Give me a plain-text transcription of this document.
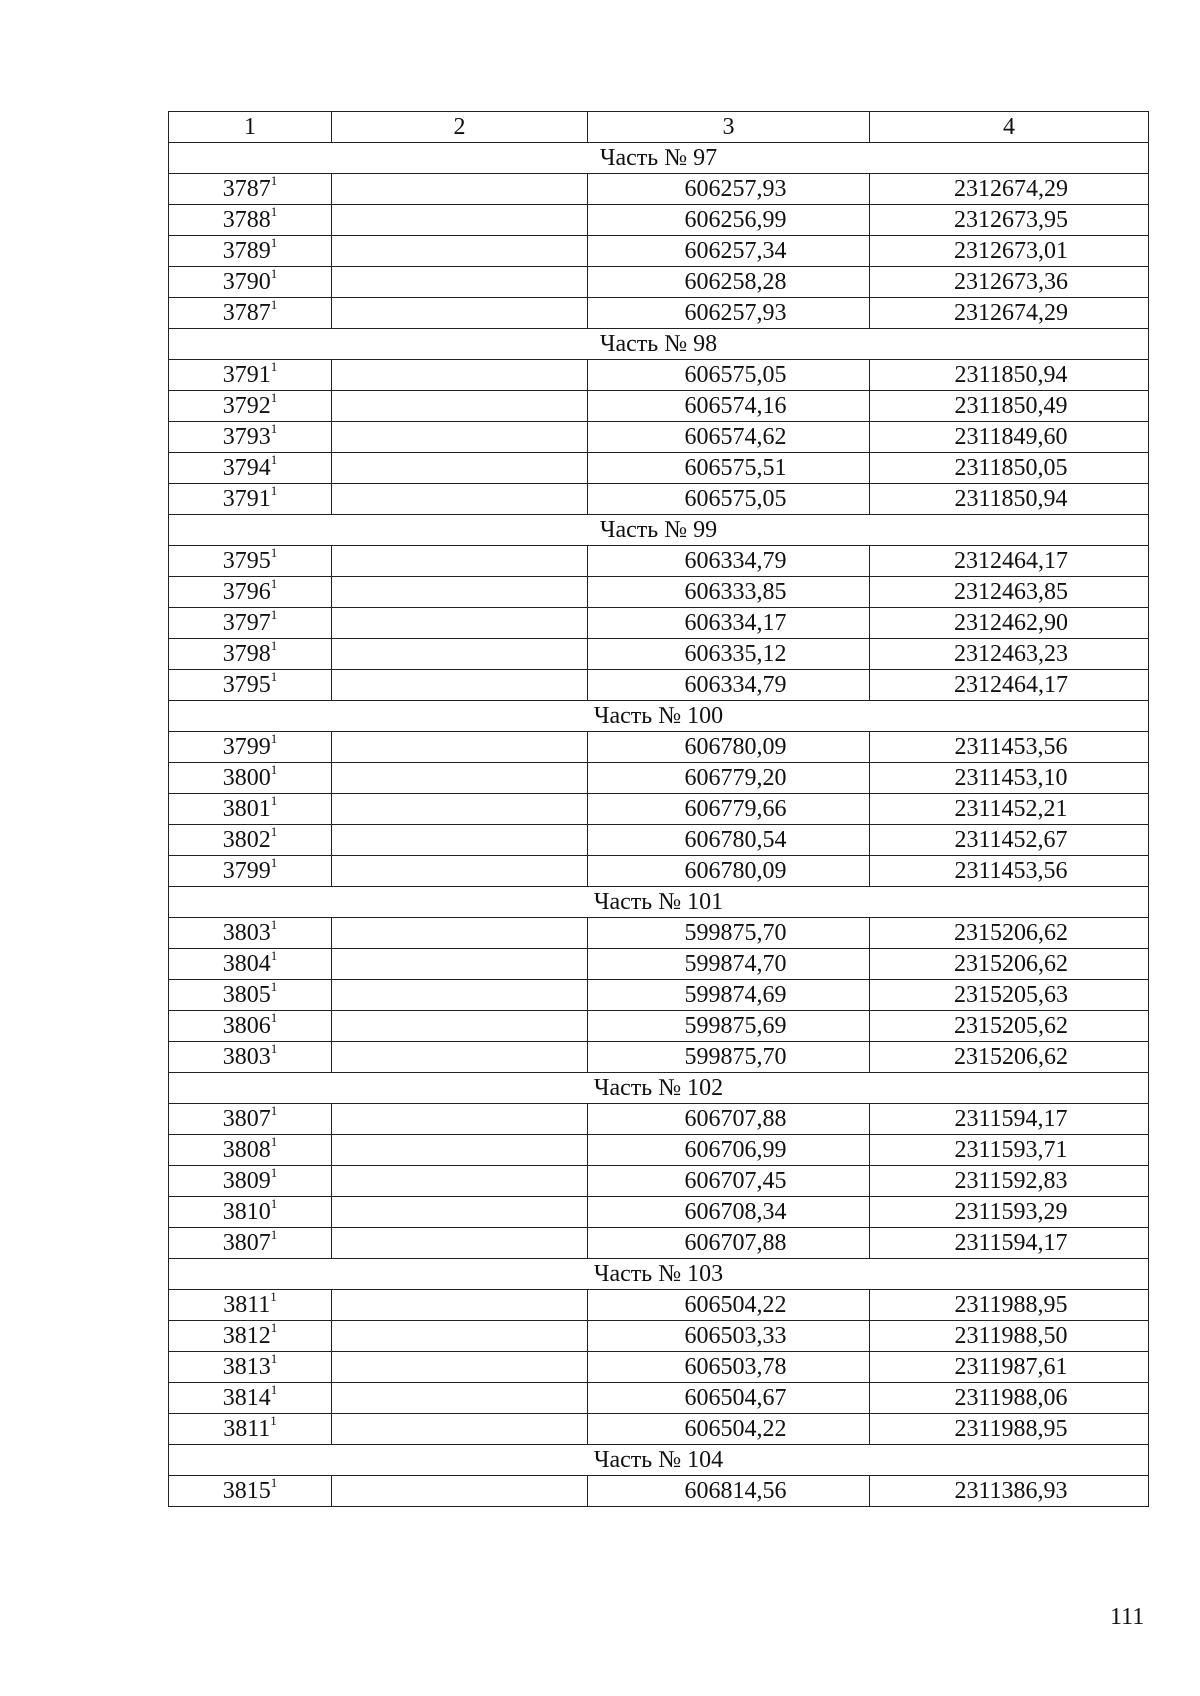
1	2	3	4
Часть № 97			
3787$^1$		606257,93	2312674,29
3788$^1$		606256,99	2312673,95
3789$^1$		606257,34	2312673,01
3790$^1$		606258,28	2312673,36
3787$^1$		606257,93	2312674,29
Часть № 98			
3791$^1$		606575,05	2311850,94
3792$^1$		606574,16	2311850,49
3793$^1$		606574,62	2311849,60
3794$^1$		606575,51	2311850,05
3791$^1$		606575,05	2311850,94
Часть № 99			
3795$^1$		606334,79	2312464,17
3796$^1$		606333,85	2312463,85
3797$^1$		606334,17	2312462,90
3798$^1$		606335,12	2312463,23
3795$^1$		606334,79	2312464,17
Часть № 100			
3799$^1$		606780,09	2311453,56
3800$^1$		606779,20	2311453,10
3801$^1$		606779,66	2311452,21
3802$^1$		606780,54	2311452,67
3799$^1$		606780,09	2311453,56
Часть № 101			
3803$^1$		599875,70	2315206,62
3804$^1$		599874,70	2315206,62
3805$^1$		599874,69	2315205,63
3806$^1$		599875,69	2315205,62
3803$^1$		599875,70	2315206,62
Часть № 102			
3807$^1$		606707,88	2311594,17
3808$^1$		606706,99	2311593,71
3809$^1$		606707,45	2311592,83
3810$^1$		606708,34	2311593,29
3807$^1$		606707,88	2311594,17
Часть № 103			
3811$^1$		606504,22	2311988,95
3812$^1$		606503,33	2311988,50
3813$^1$		606503,78	2311987,61
3814$^1$		606504,67	2311988,06
3811$^1$		606504,22	2311988,95
Часть № 104			
3815$^1$		606814,56	2311386,93
111
